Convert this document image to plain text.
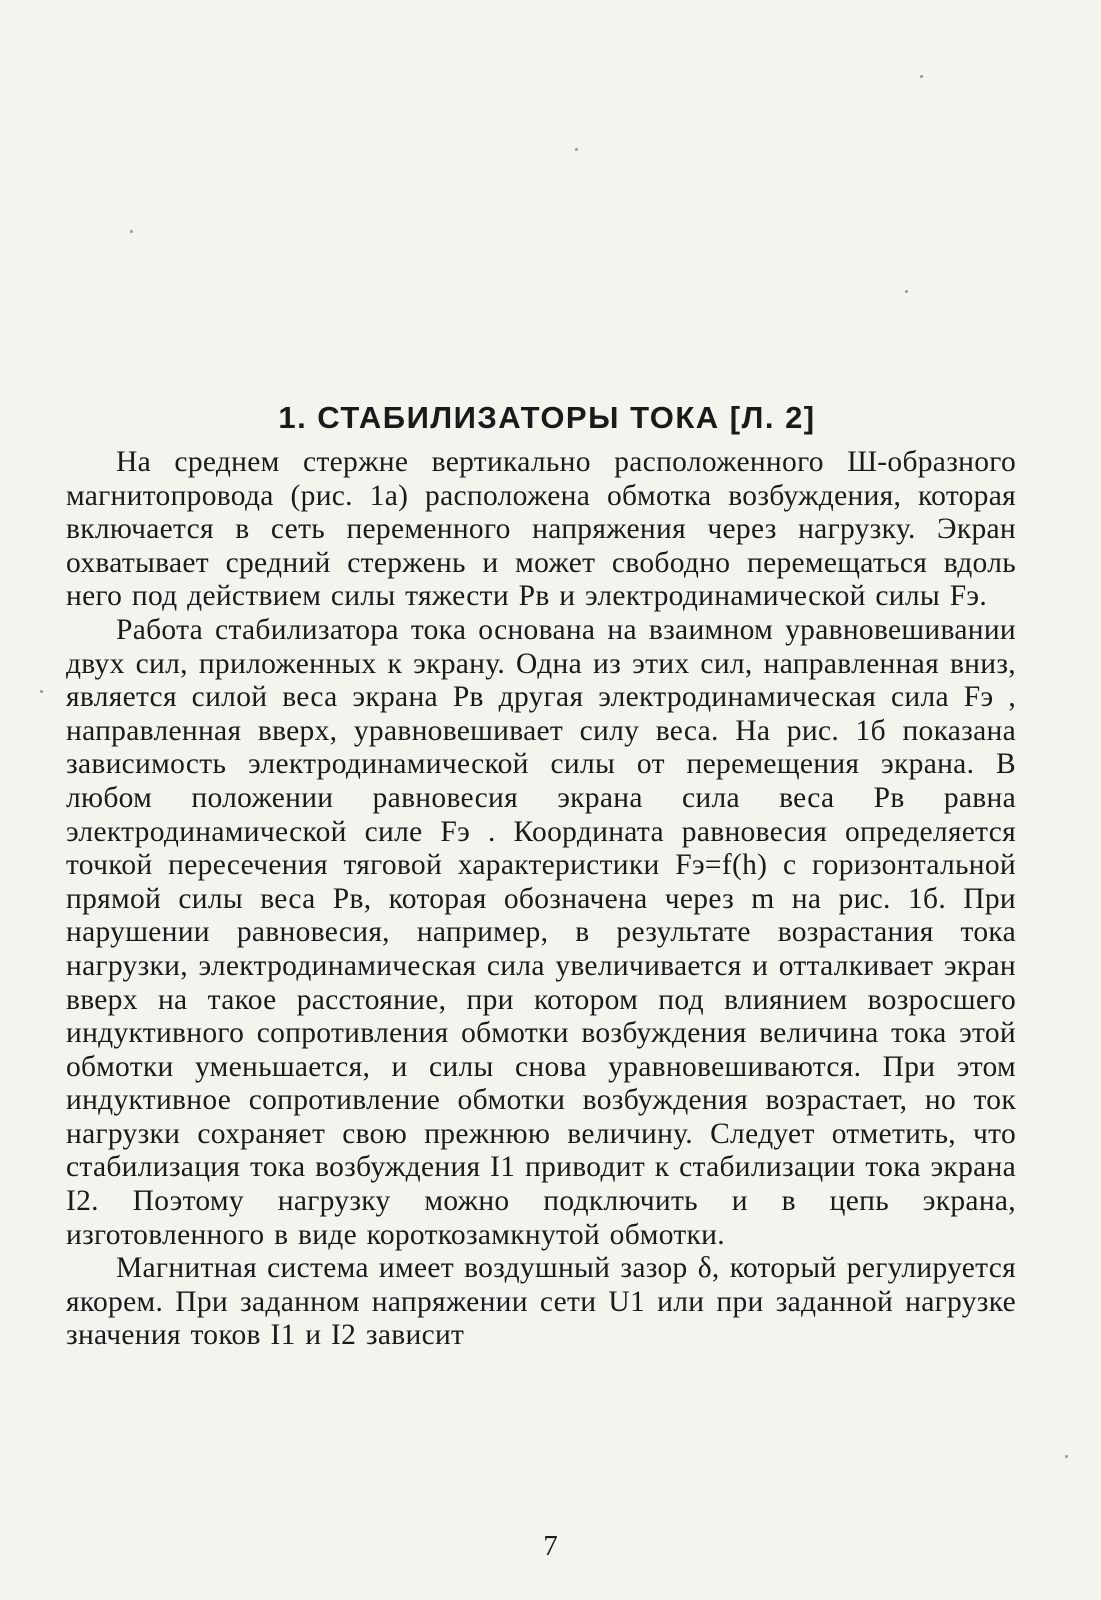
1. СТАБИЛИЗАТОРЫ ТОКА [Л. 2]

На среднем стержне вертикально расположенного Ш-образного магнитопровода (рис. 1а) расположена обмотка возбуждения, которая включается в сеть переменного напряжения через нагрузку. Экран охватывает средний стержень и может свободно перемещаться вдоль него под действием силы тяжести Pв и электродинамической силы Fэ.

Работа стабилизатора тока основана на взаимном уравновешивании двух сил, приложенных к экрану. Одна из этих сил, направленная вниз, является силой веса экрана Pв другая электродинамическая сила Fэ , направленная вверх, уравновешивает силу веса. На рис. 1б показана зависимость электродинамической силы от перемещения экрана. В любом положении равновесия экрана сила веса Pв равна электродинамической силе Fэ . Координата равновесия определяется точкой пересечения тяговой характеристики Fэ=f(h) с горизонтальной прямой силы веса Pв, которая обозначена через m на рис. 1б. При нарушении равновесия, например, в результате возрастания тока нагрузки, электродинамическая сила увеличивается и отталкивает экран вверх на такое расстояние, при котором под влиянием возросшего индуктивного сопротивления обмотки возбуждения величина тока этой обмотки уменьшается, и силы снова уравновешиваются. При этом индуктивное сопротивление обмотки возбуждения возрастает, но ток нагрузки сохраняет свою прежнюю величину. Следует отметить, что стабилизация тока возбуждения I1 приводит к стабилизации тока экрана I2. Поэтому нагрузку можно подключить и в цепь экрана, изготовленного в виде короткозамкнутой обмотки.

Магнитная система имеет воздушный зазор δ, который регулируется якорем. При заданном напряжении сети U1 или при заданной нагрузке значения токов I1 и I2 зависит

7
